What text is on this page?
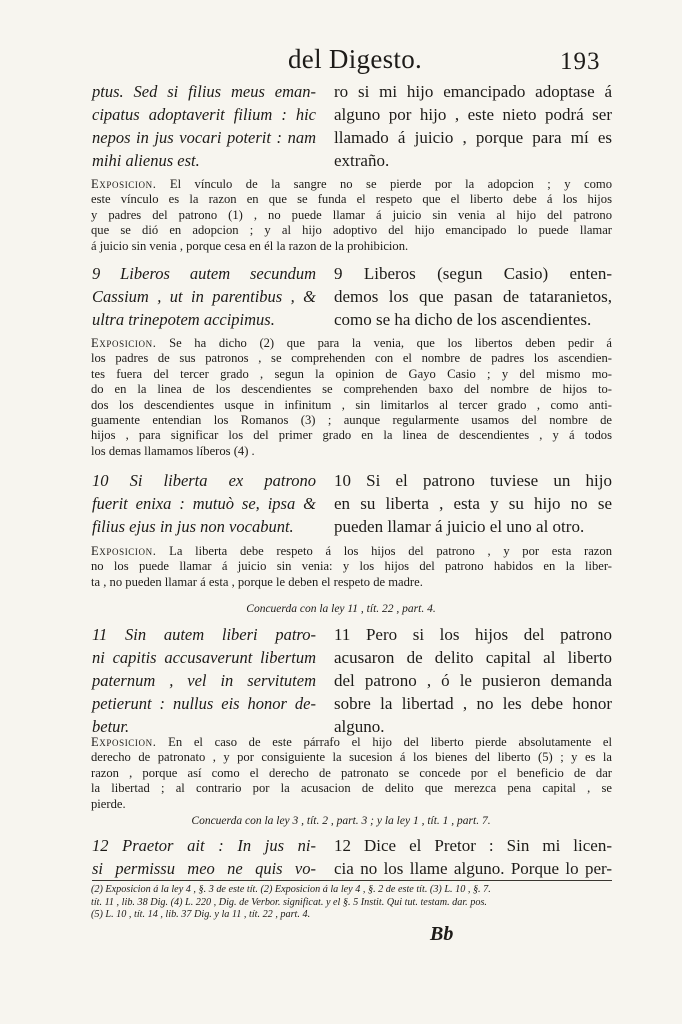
del Digesto.	193
ptus. Sed si filius meus eman-
cipatus adoptaverit filium : hic
nepos in jus vocari poterit : nam
mihi alienus est.
ro si mi hijo emancipado adoptase á
alguno por hijo , este nieto podrá ser
llamado á juicio , porque para mí es
extraño.
Exposicion. El vínculo de la sangre no se pierde por la adopcion ; y como
este vínculo es la razon en que se funda el respeto que el liberto debe á los hijos
y padres del patrono (1) , no puede llamar á juicio sin venia al hijo del patrono
que se dió en adopcion ; y al hijo adoptivo del hijo emancipado lo puede llamar
á juicio sin venia , porque cesa en él la razon de la prohibicion.
9 Liberos autem secundum
Cassium , ut in parentibus , &
ultra trinepotem accipimus.
9 Liberos (segun Casio) enten-
demos los que pasan de tataranietos,
como se ha dicho de los ascendientes.
Exposicion. Se ha dicho (2) que para la venia, que los libertos deben pedir á
los padres de sus patronos , se comprehenden con el nombre de padres los ascendien-
tes fuera del tercer grado , segun la opinion de Gayo Casio ; y del mismo mo-
do en la linea de los descendientes se comprehenden baxo del nombre de hijos to-
dos los descendientes usque in infinitum , sin limitarlos al tercer grado , como anti-
guamente entendian los Romanos (3) ; aunque regularmente usamos del nombre de
hijos , para significar los del primer grado en la linea de descendientes , y á todos
los demas llamamos líberos (4) .
10 Si liberta ex patrono
fuerit enixa : mutuò se, ipsa &
filius ejus in jus non vocabunt.
10 Si el patrono tuviese un hijo
en su liberta , esta y su hijo no se
pueden llamar á juicio el uno al otro.
Exposicion. La liberta debe respeto á los hijos del patrono , y por esta razon
no los puede llamar á juicio sin venia: y los hijos del patrono habidos en la liber-
ta , no pueden llamar á esta , porque le deben el respeto de madre.
Concuerda con la ley 11 , tít. 22 , part. 4.
11 Sin autem liberi patro-
ni capitis accusaverunt libertum
paternum , vel in servitutem
petierunt : nullus eis honor de-
betur.
11 Pero si los hijos del patrono
acusaron de delito capital al liberto
del patrono , ó le pusieron demanda
sobre la libertad , no les debe honor
alguno.
Exposicion. En el caso de este párrafo el hijo del liberto pierde absolutamente el
derecho de patronato , y por consiguiente la sucesion á los bienes del liberto (5) ; y es la
razon , porque así como el derecho de patronato se concede por el beneficio de dar
la libertad ; al contrario por la acusacion de delito que merezca pena capital , se
pierde.
Concuerda con la ley 3 , tít. 2 , part. 3 ; y la ley 1 , tít. 1 , part. 7.
12 Praetor ait : In jus ni-
si permissu meo ne quis vo-
12 Dice el Pretor : Sin mi licen-
cia no los llame alguno. Porque lo per-
(2) Exposicion á la ley 4 , §. 3 de este tít. (2) Exposicion á la ley 4 , §. 2 de este tít. (3) L. 10 , §. 7.
tít. 11 , lib. 38 Dig. (4) L. 220 , Dig. de Verbor. significat. y el §. 5 Instit. Qui tut. testam. dar. pos.
(5) L. 10 , tít. 14 , lib. 37 Dig. y la 11 , tít. 22 , part. 4.
Bb
